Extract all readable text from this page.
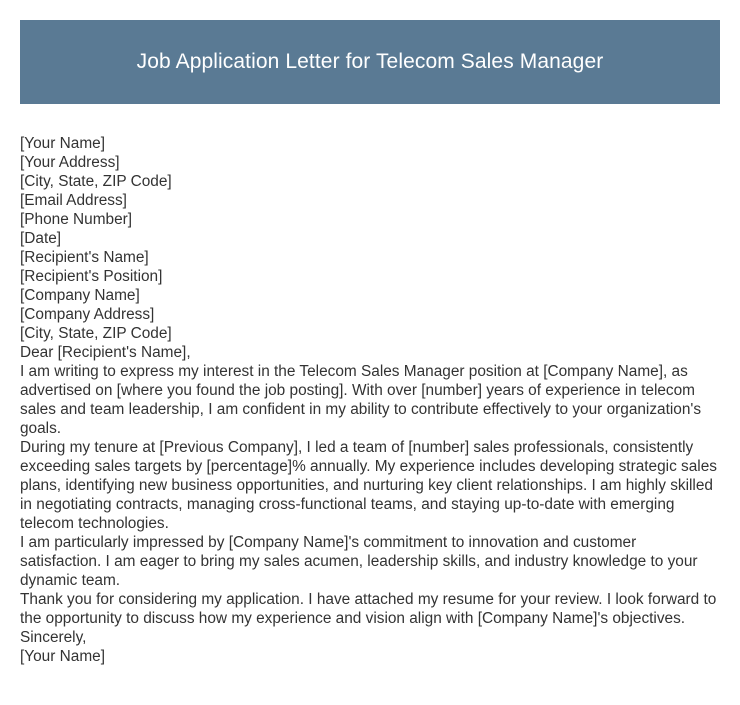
Job Application Letter for Telecom Sales Manager
[Your Name]
[Your Address]
[City, State, ZIP Code]
[Email Address]
[Phone Number]
[Date]
[Recipient's Name]
[Recipient's Position]
[Company Name]
[Company Address]
[City, State, ZIP Code]
Dear [Recipient's Name],

I am writing to express my interest in the Telecom Sales Manager position at [Company Name], as advertised on [where you found the job posting]. With over [number] years of experience in telecom sales and team leadership, I am confident in my ability to contribute effectively to your organization's goals.

During my tenure at [Previous Company], I led a team of [number] sales professionals, consistently exceeding sales targets by [percentage]% annually. My experience includes developing strategic sales plans, identifying new business opportunities, and nurturing key client relationships. I am highly skilled in negotiating contracts, managing cross-functional teams, and staying up-to-date with emerging telecom technologies.

I am particularly impressed by [Company Name]'s commitment to innovation and customer satisfaction. I am eager to bring my sales acumen, leadership skills, and industry knowledge to your dynamic team.

Thank you for considering my application. I have attached my resume for your review. I look forward to the opportunity to discuss how my experience and vision align with [Company Name]'s objectives.

Sincerely,
[Your Name]
